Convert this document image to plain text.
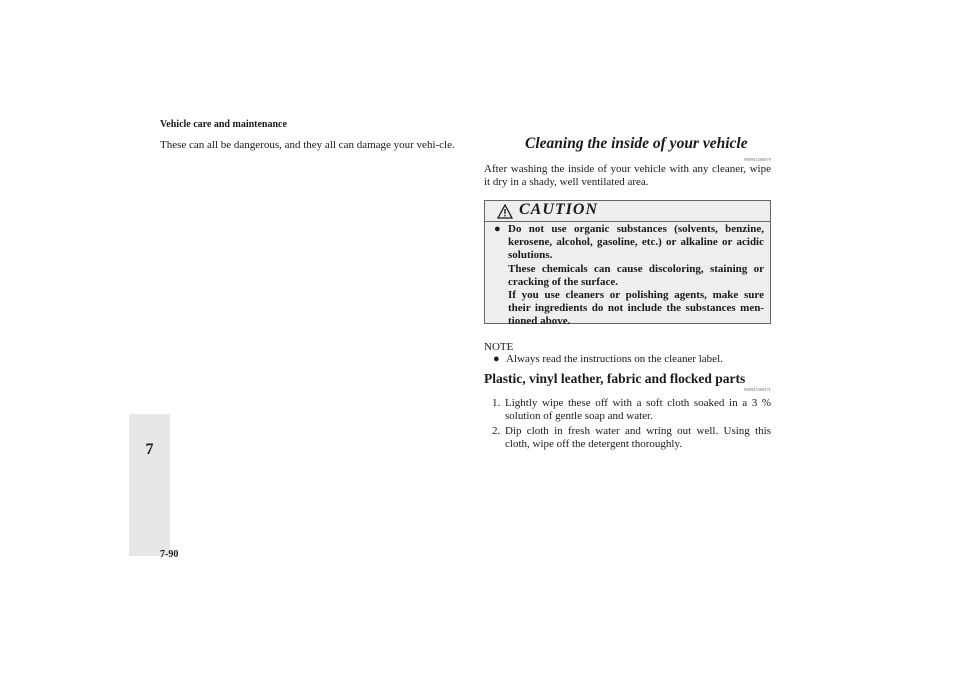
Vehicle care and maintenance
7
7-90
These can all be dangerous, and they all can damage your vehi-cle.	Cleaning the inside of your vehicle
N00945200079
After washing the inside of your vehicle with any cleaner, wipe it dry in a shady, well ventilated area.
CAUTION
● Do not use organic substances (solvents, benzine, kerosene, alcohol, gasoline, etc.) or alkaline or acidic solutions.

These chemicals can cause discoloring, staining or cracking of the surface.

If you use cleaners or polishing agents, make sure their ingredients do not include the substances men-tioned above.

NOTE
● Always read the instructions on the cleaner label.
Plastic, vinyl leather, fabric and flocked parts
N00945300171
1. Lightly wipe these off with a soft cloth soaked in a 3 % solution of gentle soap and water.
2. Dip cloth in fresh water and wring out well. Using this cloth, wipe off the detergent thoroughly.
